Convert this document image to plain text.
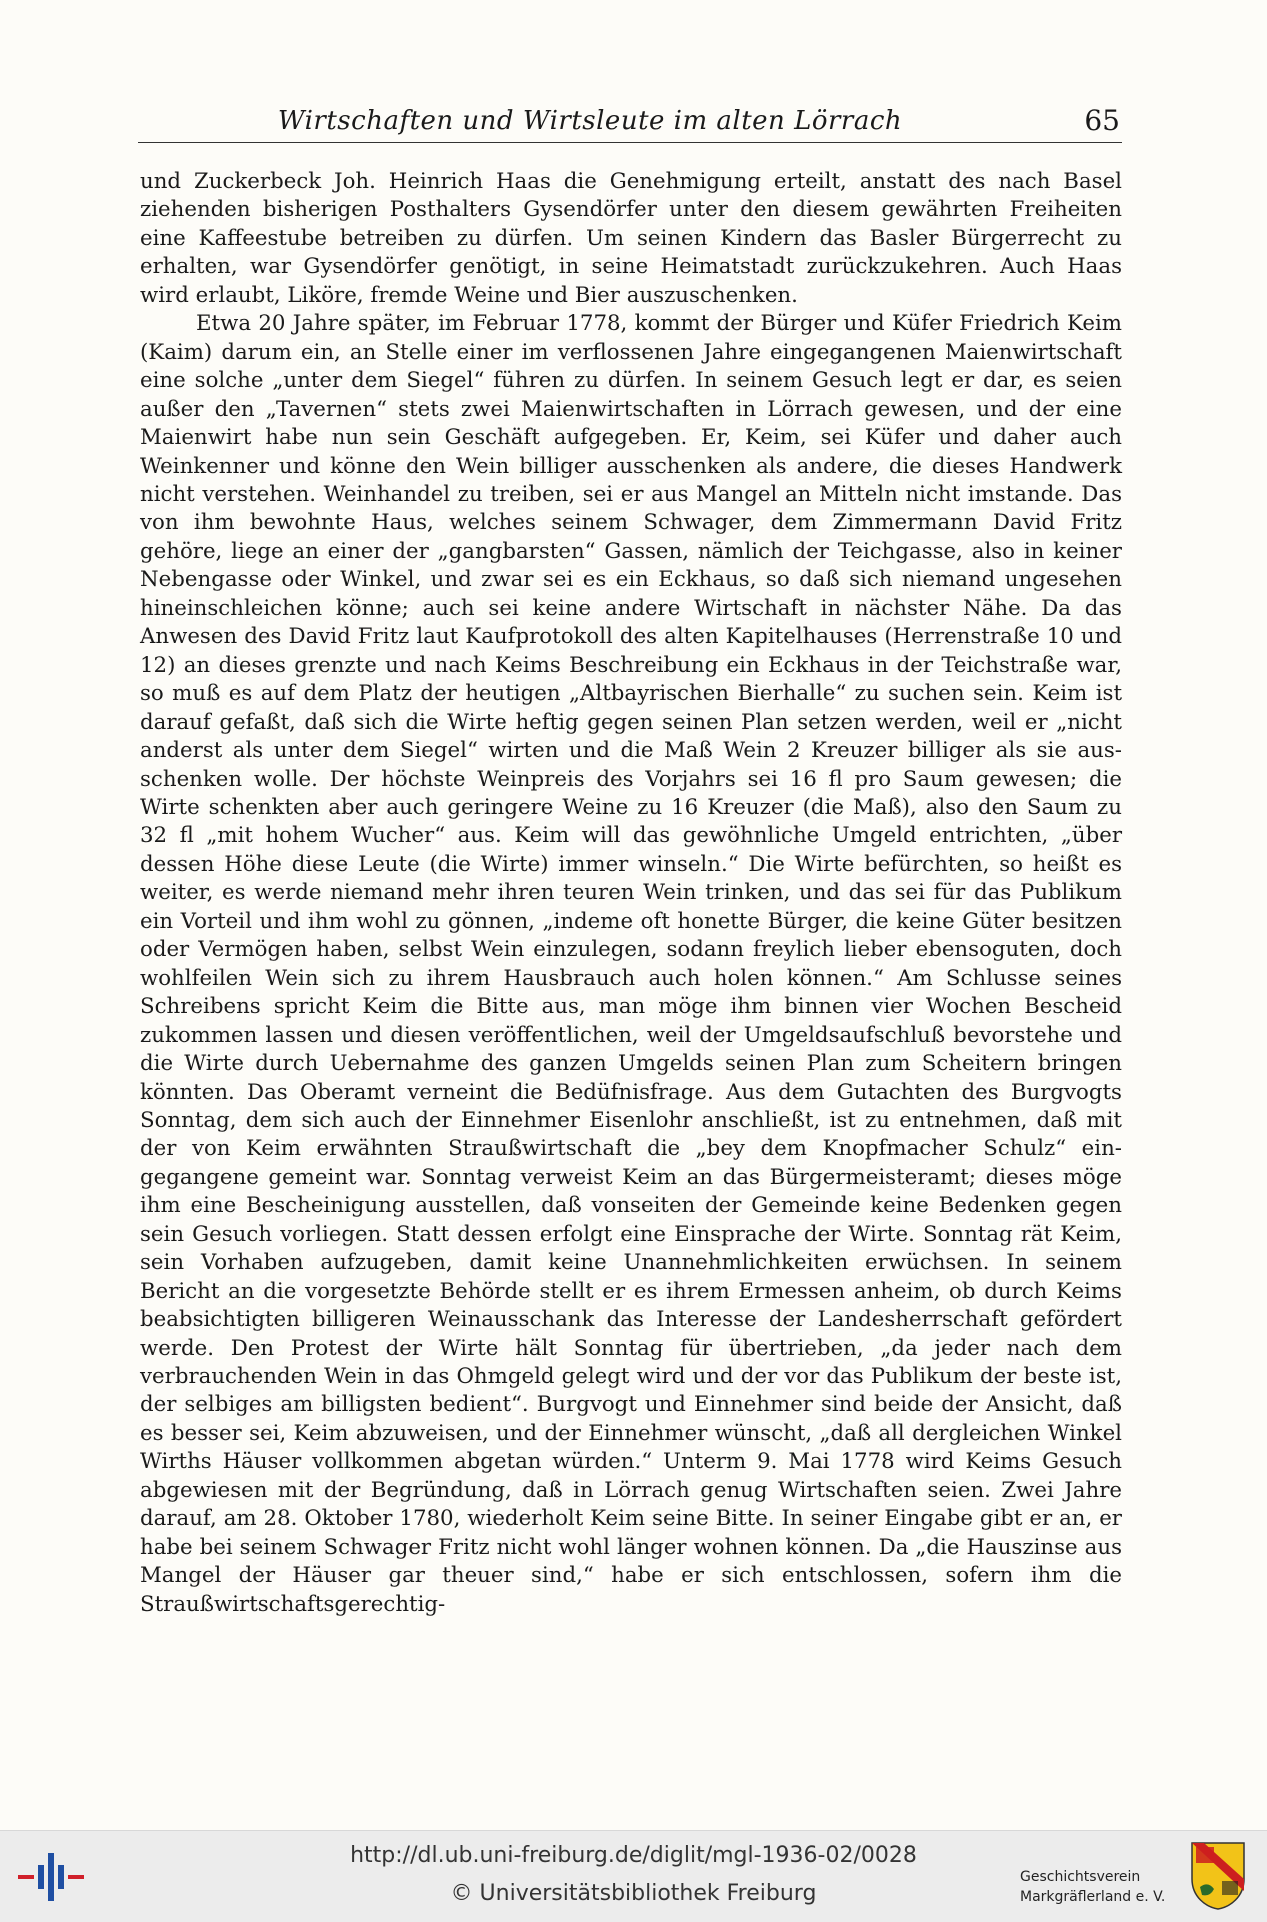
Wirtschaften und Wirtsleute im alten Lörrach	65

und Zuckerbeck Joh. Heinrich Haas die Genehmigung erteilt, anstatt des nach Basel ziehenden bisherigen Posthalters Gysendörfer unter den diesem gewährten Freiheiten eine Kaffeestube betreiben zu dürfen. Um seinen Kindern das Basler Bürgerrecht zu erhalten, war Gysendörfer genötigt, in seine Heimatstadt zurückzukehren. Auch Haas wird erlaubt, Liköre, fremde Weine und Bier auszuschenken.

Etwa 20 Jahre später, im Februar 1778, kommt der Bürger und Küfer Friedrich Keim (Kaim) darum ein, an Stelle einer im verflossenen Jahre eingegangenen Maienwirtschaft eine solche „unter dem Siegel“ führen zu dürfen. In seinem Gesuch legt er dar, es seien außer den „Tavernen“ stets zwei Maienwirtschaften in Lörrach gewesen, und der eine Maienwirt habe nun sein Geschäft aufgegeben. Er, Keim, sei Küfer und daher auch Weinkenner und könne den Wein billiger ausschenken als andere, die dieses Handwerk nicht verstehen. Weinhandel zu treiben, sei er aus Mangel an Mitteln nicht imstande. Das von ihm bewohnte Haus, welches seinem Schwager, dem Zimmermann David Fritz gehöre, liege an einer der „gangbarsten“ Gassen, nämlich der Teichgasse, also in keiner Nebengasse oder Winkel, und zwar sei es ein Eckhaus, so daß sich niemand ungesehen hineinschleichen könne; auch sei keine andere Wirtschaft in nächster Nähe. Da das Anwesen des David Fritz laut Kaufprotokoll des alten Kapitelhauses (Herrenstraße 10 und 12) an dieses grenzte und nach Keims Beschreibung ein Eckhaus in der Teichstraße war, so muß es auf dem Platz der heutigen „Altbayrischen Bierhalle“ zu suchen sein. Keim ist darauf gefaßt, daß sich die Wirte heftig gegen seinen Plan setzen werden, weil er „nicht anderst als unter dem Siegel“ wirten und die Maß Wein 2 Kreuzer billiger als sie ausschenken wolle. Der höchste Weinpreis des Vorjahrs sei 16 fl pro Saum gewesen; die Wirte schenkten aber auch geringere Weine zu 16 Kreuzer (die Maß), also den Saum zu 32 fl „mit hohem Wucher“ aus. Keim will das gewöhnliche Umgeld entrichten, „über dessen Höhe diese Leute (die Wirte) immer winseln.“ Die Wirte befürchten, so heißt es weiter, es werde niemand mehr ihren teuren Wein trinken, und das sei für das Publikum ein Vorteil und ihm wohl zu gönnen, „indeme oft honette Bürger, die keine Güter besitzen oder Vermögen haben, selbst Wein einzulegen, sodann freylich lieber ebensoguten, doch wohlfeilen Wein sich zu ihrem Hausbrauch auch holen können.“ Am Schlusse seines Schreibens spricht Keim die Bitte aus, man möge ihm binnen vier Wochen Bescheid zukommen lassen und diesen veröffentlichen, weil der Umgeldsaufschluß bevorstehe und die Wirte durch Uebernahme des ganzen Umgelds seinen Plan zum Scheitern bringen könnten. Das Oberamt verneint die Bedüfnisfrage. Aus dem Gutachten des Burgvogts Sonntag, dem sich auch der Einnehmer Eisenlohr anschließt, ist zu entnehmen, daß mit der von Keim erwähnten Straußwirtschaft die „bey dem Knopfmacher Schulz“ eingegangene gemeint war. Sonntag verweist Keim an das Bürgermeisteramt; dieses möge ihm eine Bescheinigung ausstellen, daß vonseiten der Gemeinde keine Bedenken gegen sein Gesuch vorliegen. Statt dessen erfolgt eine Einsprache der Wirte. Sonntag rät Keim, sein Vorhaben aufzugeben, damit keine Unannehmlichkeiten erwüchsen. In seinem Bericht an die vorgesetzte Behörde stellt er es ihrem Ermessen anheim, ob durch Keims beabsichtigten billigeren Weinausschank das Interesse der Landesherrschaft gefördert werde. Den Protest der Wirte hält Sonntag für übertrieben, „da jeder nach dem verbrauchenden Wein in das Ohmgeld gelegt wird und der vor das Publikum der beste ist, der selbiges am billigsten bedient“. Burgvogt und Einnehmer sind beide der Ansicht, daß es besser sei, Keim abzuweisen, und der Einnehmer wünscht, „daß all dergleichen Winkel Wirths Häuser vollkommen abgetan würden.“ Unterm 9. Mai 1778 wird Keims Gesuch abgewiesen mit der Begründung, daß in Lörrach genug Wirtschaften seien. Zwei Jahre darauf, am 28. Oktober 1780, wiederholt Keim seine Bitte. In seiner Eingabe gibt er an, er habe bei seinem Schwager Fritz nicht wohl länger wohnen können. Da „die Hauszinse aus Mangel der Häuser gar theuer sind,“ habe er sich entschlossen, sofern ihm die Straußwirtschaftsgerechtig-

http://dl.ub.uni-freiburg.de/diglit/mgl-1936-02/0028
© Universitätsbibliothek Freiburg
Geschichtsverein
Markgräflerland e. V.
